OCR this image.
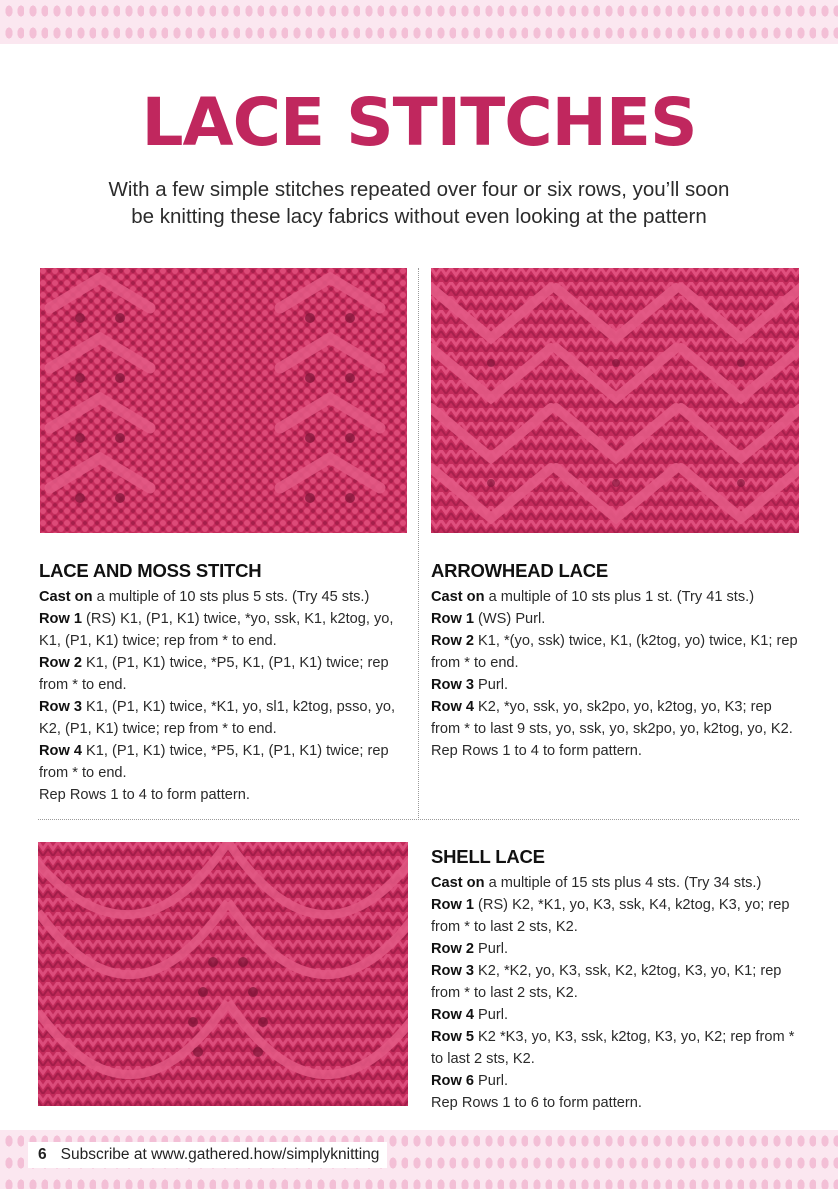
LACE STITCHES

With a few simple stitches repeated over four or six rows, you’ll soon
be knitting these lacy fabrics without even looking at the pattern

LACE AND MOSS STITCH

Cast on a multiple of 10 sts plus 5 sts. (Try 45 sts.)

Row 1 (RS) K1, (P1, K1) twice, *yo, ssk, K1, k2tog, yo, K1, (P1, K1) twice; rep from * to end.

Row 2 K1, (P1, K1) twice, *P5, K1, (P1, K1) twice; rep from * to end.

Row 3 K1, (P1, K1) twice, *K1, yo, sl1, k2tog, psso, yo, K2, (P1, K1) twice; rep from * to end.

Row 4 K1, (P1, K1) twice, *P5, K1, (P1, K1) twice; rep from * to end.

Rep Rows 1 to 4 to form pattern.

ARROWHEAD LACE

Cast on a multiple of 10 sts plus 1 st. (Try 41 sts.)

Row 1 (WS) Purl.

Row 2 K1, *(yo, ssk) twice, K1, (k2tog, yo) twice, K1; rep from * to end.

Row 3 Purl.

Row 4 K2, *yo, ssk, yo, sk2po, yo, k2tog, yo, K3; rep from * to last 9 sts, yo, ssk, yo, sk2po, yo, k2tog, yo, K2.

Rep Rows 1 to 4 to form pattern.

SHELL LACE

Cast on a multiple of 15 sts plus 4 sts. (Try 34 sts.)

Row 1 (RS) K2, *K1, yo, K3, ssk, K4, k2tog, K3, yo; rep from * to last 2 sts, K2.

Row 2 Purl.

Row 3 K2, *K2, yo, K3, ssk, K2, k2tog, K3, yo, K1; rep from * to last 2 sts, K2.

Row 4 Purl.

Row 5 K2 *K3, yo, K3, ssk, k2tog, K3, yo, K2; rep from * to last 2 sts, K2.

Row 6 Purl.

Rep Rows 1 to 6 to form pattern.

6 Subscribe at www.gathered.how/simplyknitting
